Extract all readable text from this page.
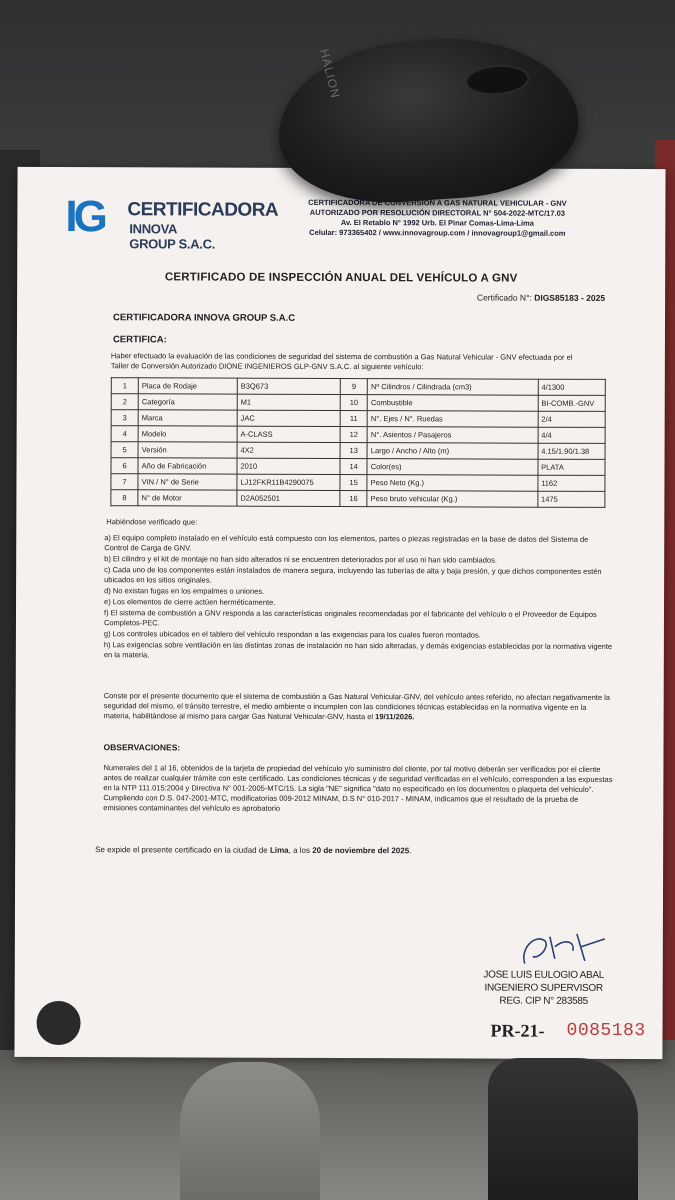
IG CERTIFICADORA
INNOVA GROUP S.A.C.
CERTIFICADORA DE CONVERSIÓN A GAS NATURAL VEHICULAR - GNV
AUTORIZADO POR RESOLUCIÓN DIRECTORAL N° 504-2022-MTC/17.03
Av. El Retablo N° 1992 Urb. El Pinar Comas-Lima-Lima
Celular: 973365402 / www.innovagroup.com / innovagroup1@gmail.com
CERTIFICADO DE INSPECCIÓN ANUAL DEL VEHÍCULO A GNV
Certificado N°: DIGS85183 - 2025
CERTIFICADORA INNOVA GROUP S.A.C
CERTIFICA:
Haber efectuado la evaluación de las condiciones de seguridad del sistema de combustión a Gas Natural Vehicular - GNV efectuada por el Taller de Conversión Autorizado DIONE INGENIEROS GLP-GNV S.A.C. al siguiente vehículo:
1	Placa de Rodaje	B3Q673	9	Nº Cilindros / Cilindrada (cm3)	4/1300
2	Categoría	M1	10	Combustible	BI-COMB.-GNV
3	Marca	JAC	11	N°. Ejes / N°. Ruedas	2/4
4	Modelo	A-CLASS	12	N°. Asientos / Pasajeros	4/4
5	Versión	4X2	13	Largo / Ancho / Alto (m)	4.15/1.90/1.38
6	Año de Fabricación	2010	14	Color(es)	PLATA
7	VIN / N° de Serie	LJ12FKR11B4290075	15	Peso Neto (Kg.)	1162
8	N° de Motor	D2A052501	16	Peso bruto vehicular (Kg.)	1475
Habiéndose verificado que:

a) El equipo completo instalado en el vehículo está compuesto con los elementos, partes o piezas registradas en la base de datos del Sistema de Control de Carga de GNV.

b) El cilindro y el kit de montaje no han sido alterados ni se encuentren deteriorados por el uso ni han sido cambiados.

c) Cada uno de los componentes están instalados de manera segura, incluyendo las tuberías de alta y baja presión, y que dichos componentes estén ubicados en los sitios originales.

d) No existan fugas en los empalmes o uniones.

e) Los elementos de cierre actúen herméticamente.

f) El sistema de combustión a GNV responda a las características originales recomendadas por el fabricante del vehículo o el Proveedor de Equipos Completos-PEC.

g) Los controles ubicados en el tablero del vehículo respondan a las exigencias para los cuales fueron montados.

h) Las exigencias sobre ventilación en las distintas zonas de instalación no han sido alteradas, y demás exigencias establecidas por la normativa vigente en la materia.

Conste por el presente documento que el sistema de combustión a Gas Natural Vehicular-GNV, del vehículo antes referido, no afectan negativamente la seguridad del mismo, el tránsito terrestre, el medio ambiente o incumplen con las condiciones técnicas establecidas en la normativa vigente en la materia, habilitándose al mismo para cargar Gas Natural Vehicular-GNV, hasta el 19/11/2026.
OBSERVACIONES:

Numerales del 1 al 16, obtenidos de la tarjeta de propiedad del vehículo y/o suministro del cliente, por tal motivo deberán ser verificados por el cliente antes de realizar cualquier trámite con este certificado. Las condiciones técnicas y de seguridad verificadas en el vehículo, corresponden a las expuestas en la NTP 111.015:2004 y Directiva N° 001-2005-MTC/15. La sigla "NE" significa "dato no especificado en los documentos o plaqueta del vehículo".

Cumpliendo con D.S. 047-2001-MTC, modificatorias 009-2012 MINAM, D.S N° 010-2017 - MINAM, indicamos que el resultado de la prueba de emisiones contaminantes del vehículo es aprobatorio

Se expide el presente certificado en la ciudad de Lima, a los 20 de noviembre del 2025.
JOSE LUIS EULOGIO ABAL
INGENIERO SUPERVISOR
REG. CIP N° 283585
PR-21- 0085183
HALION
